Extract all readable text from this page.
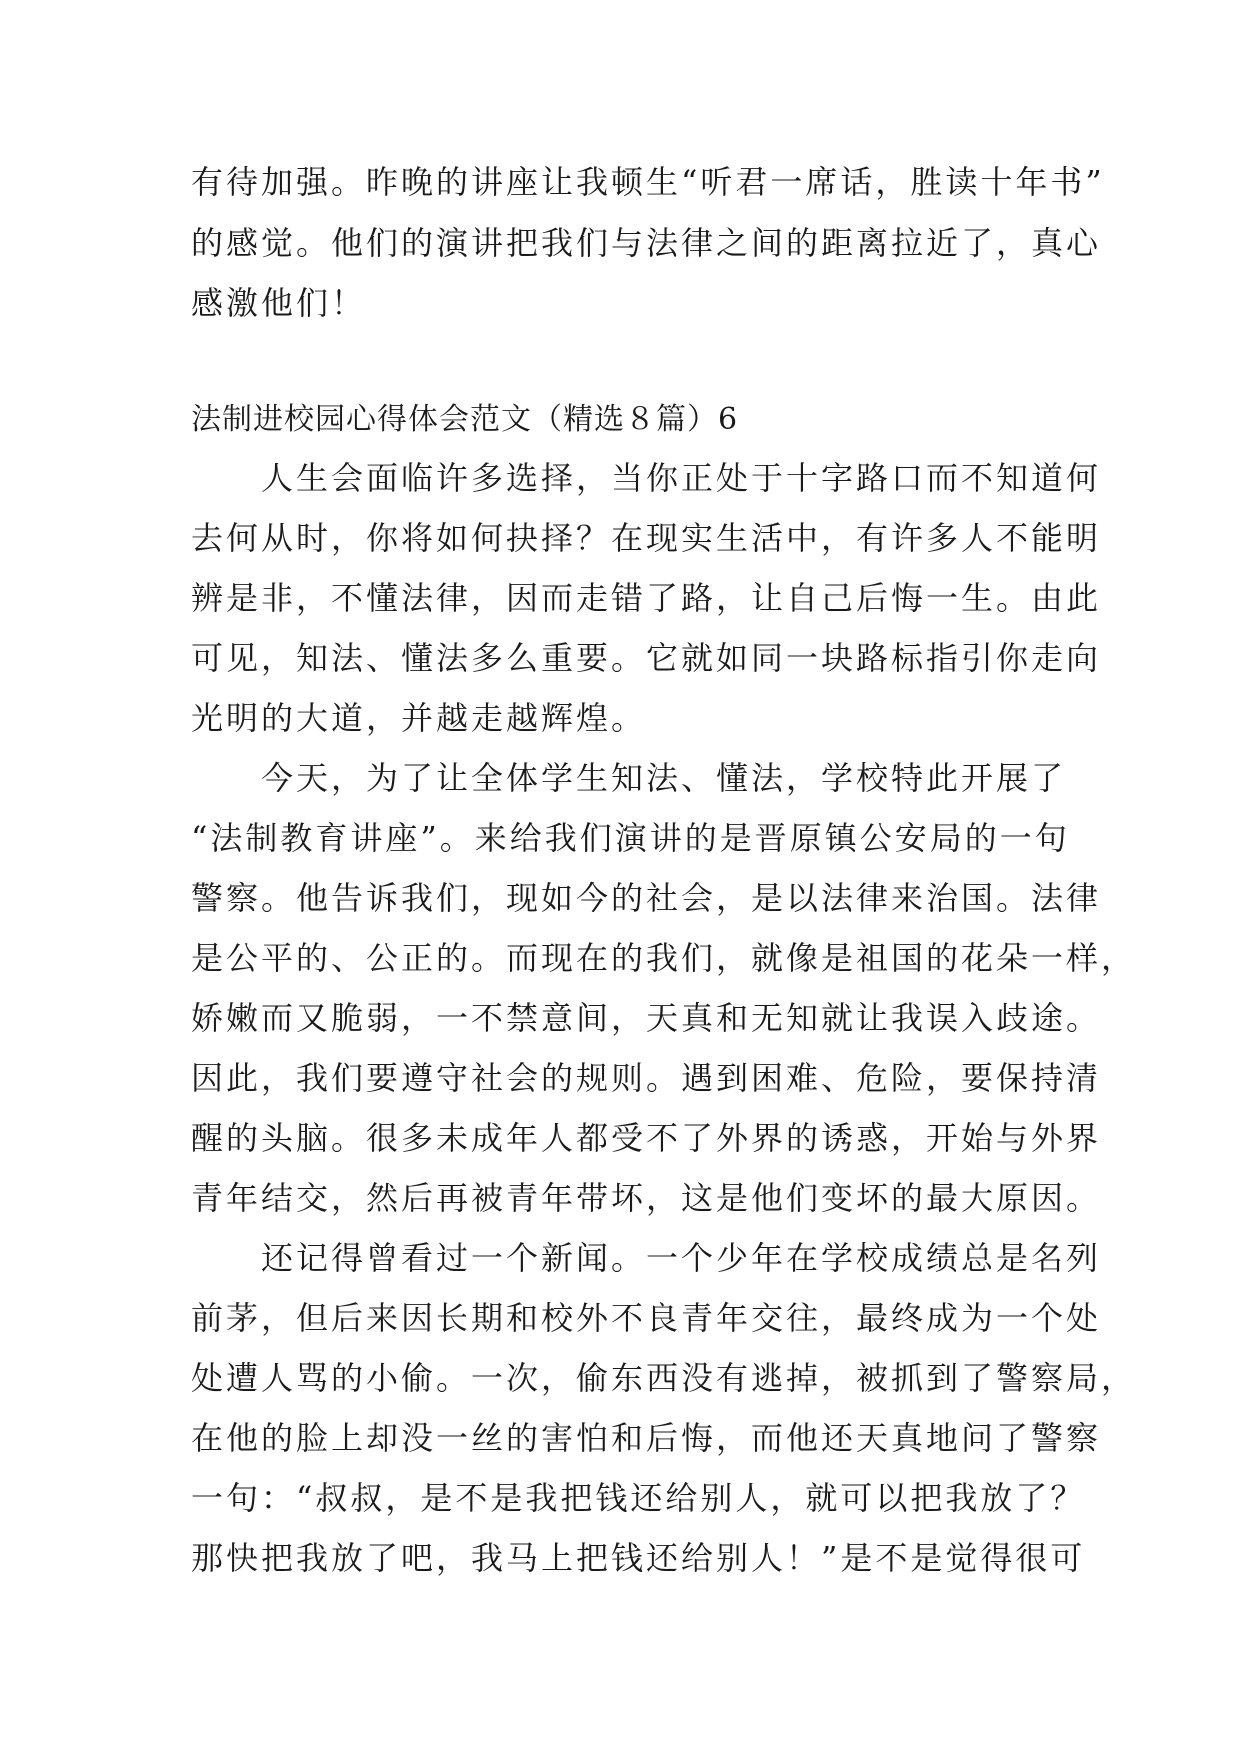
有待加强。昨晚的讲座让我顿生“听君一席话，胜读十年书”
的感觉。他们的演讲把我们与法律之间的距离拉近了，真心
感激他们！
法制进校园心得体会范文（精选８篇）6
　　人生会面临许多选择，当你正处于十字路口而不知道何
去何从时，你将如何抉择？在现实生活中，有许多人不能明
辨是非，不懂法律，因而走错了路，让自己后悔一生。由此
可见，知法、懂法多么重要。它就如同一块路标指引你走向
光明的大道，并越走越辉煌。
　　今天，为了让全体学生知法、懂法，学校特此开展了
“法制教育讲座”。来给我们演讲的是晋原镇公安局的一句
警察。他告诉我们，现如今的社会，是以法律来治国。法律
是公平的、公正的。而现在的我们，就像是祖国的花朵一样，
娇嫩而又脆弱，一不禁意间，天真和无知就让我误入歧途。
因此，我们要遵守社会的规则。遇到困难、危险，要保持清
醒的头脑。很多未成年人都受不了外界的诱惑，开始与外界
青年结交，然后再被青年带坏，这是他们变坏的最大原因。
　　还记得曾看过一个新闻。一个少年在学校成绩总是名列
前茅，但后来因长期和校外不良青年交往，最终成为一个处
处遭人骂的小偷。一次，偷东西没有逃掉，被抓到了警察局，
在他的脸上却没一丝的害怕和后悔，而他还天真地问了警察
一句：“叔叔，是不是我把钱还给别人，就可以把我放了？
那快把我放了吧，我马上把钱还给别人！”是不是觉得很可
